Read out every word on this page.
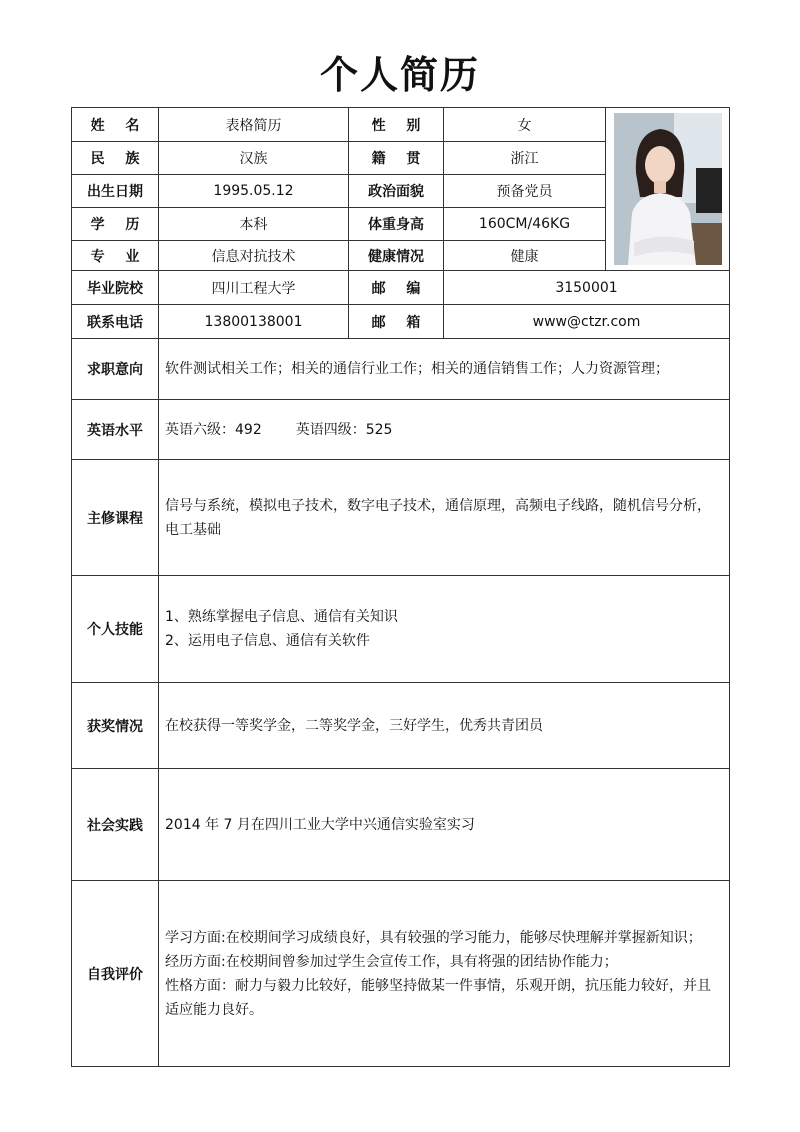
个人简历
姓 名	表格简历	性 别	女	

民 族	汉族	籍 贯	浙江	
出生日期	1995.05.12	政治面貌	预备党员	
学 历	本科	体重身高	160CM/46KG	
专 业	信息对抗技术	健康情况	健康	
毕业院校	四川工程大学	邮 编	3150001	
联系电话	13800138001	邮 箱	www@ctzr.com	
求职意向	软件测试相关工作；相关的通信行业工作；相关的通信销售工作；人力资源管理；			
英语水平	英语六级：492 英语四级：525			
主修课程	信号与系统，模拟电子技术，数字电子技术，通信原理，高频电子线路，随机信号分析，电工基础			
个人技能	1、熟练掌握电子信息、通信有关知识
2、运用电子信息、通信有关软件			

获奖情况	在校获得一等奖学金，二等奖学金，三好学生，优秀共青团员			
社会实践	2014 年 7 月在四川工业大学中兴通信实验室实习			
自我评价	学习方面:在校期间学习成绩良好，具有较强的学习能力，能够尽快理解并掌握新知识；
经历方面:在校期间曾参加过学生会宣传工作，具有将强的团结协作能力；
性格方面：耐力与毅力比较好，能够坚持做某一件事情，乐观开朗，抗压能力较好，并且适应能力良好。			
